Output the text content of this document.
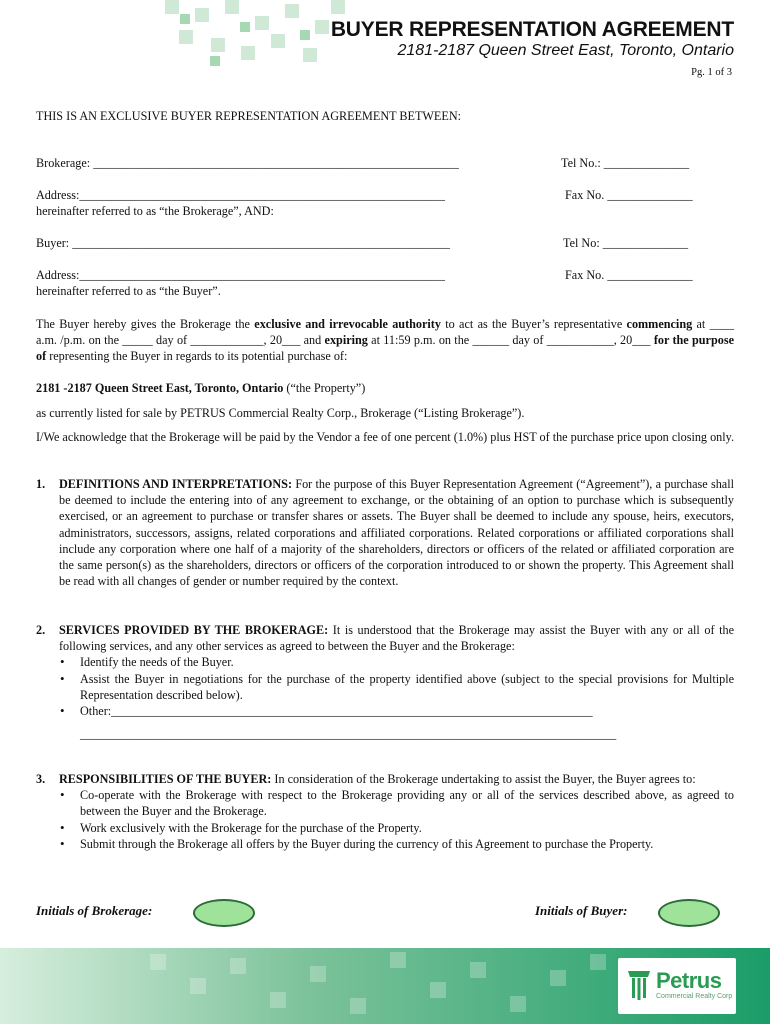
BUYER REPRESENTATION AGREEMENT
2181-2187 Queen Street East, Toronto, Ontario
Pg. 1 of 3
THIS IS AN EXCLUSIVE BUYER REPRESENTATION AGREEMENT BETWEEN:
Brokerage: ____________________________________________________________	Tel No.: ______________
Address:____________________________________________________________	Fax No. ______________
hereinafter referred to as “the Brokerage”, AND:
Buyer: ______________________________________________________________	Tel No: ______________
Address:____________________________________________________________	Fax No. ______________
hereinafter referred to as “the Buyer”.
The Buyer hereby gives the Brokerage the exclusive and irrevocable authority to act as the Buyer’s representative commencing at ____ a.m. /p.m. on the _____ day of ____________, 20___ and expiring at 11:59 p.m. on the ______ day of ___________, 20___ for the purpose of representing the Buyer in regards to its potential purchase of:
2181 -2187 Queen Street East, Toronto, Ontario (“the Property”)
as currently listed for sale by PETRUS Commercial Realty Corp., Brokerage (“Listing Brokerage”).
I/We acknowledge that the Brokerage will be paid by the Vendor a fee of one percent (1.0%) plus HST of the purchase price upon closing only.
1. DEFINITIONS AND INTERPRETATIONS: For the purpose of this Buyer Representation Agreement (“Agreement”), a purchase shall be deemed to include the entering into of any agreement to exchange, or the obtaining of an option to purchase which is subsequently exercised, or an agreement to purchase or transfer shares or assets. The Buyer shall be deemed to include any spouse, heirs, executors, administrators, successors, assigns, related corporations and affiliated corporations. Related corporations or affiliated corporations shall include any corporation where one half of a majority of the shareholders, directors or officers of the related or affiliated corporation are the same person(s) as the shareholders, directors or officers of the corporation introduced to or shown the property. This Agreement shall be read with all changes of gender or number required by the context.
2. SERVICES PROVIDED BY THE BROKERAGE: It is understood that the Brokerage may assist the Buyer with any or all of the following services, and any other services as agreed to between the Buyer and the Brokerage:
• Identify the needs of the Buyer.
• Assist the Buyer in negotiations for the purchase of the property identified above (subject to the special provisions for Multiple Representation described below).
• Other:_______________________________________________________________________________
________________________________________________________________________________________
3. RESPONSIBILITIES OF THE BUYER: In consideration of the Brokerage undertaking to assist the Buyer, the Buyer agrees to:
• Co-operate with the Brokerage with respect to the Brokerage providing any or all of the services described above, as agreed to between the Buyer and the Brokerage.
• Work exclusively with the Brokerage for the purchase of the Property.
• Submit through the Brokerage all offers by the Buyer during the currency of this Agreement to purchase the Property.
Initials of Brokerage:	Initials of Buyer:
Petrus
Commercial Realty Corp
